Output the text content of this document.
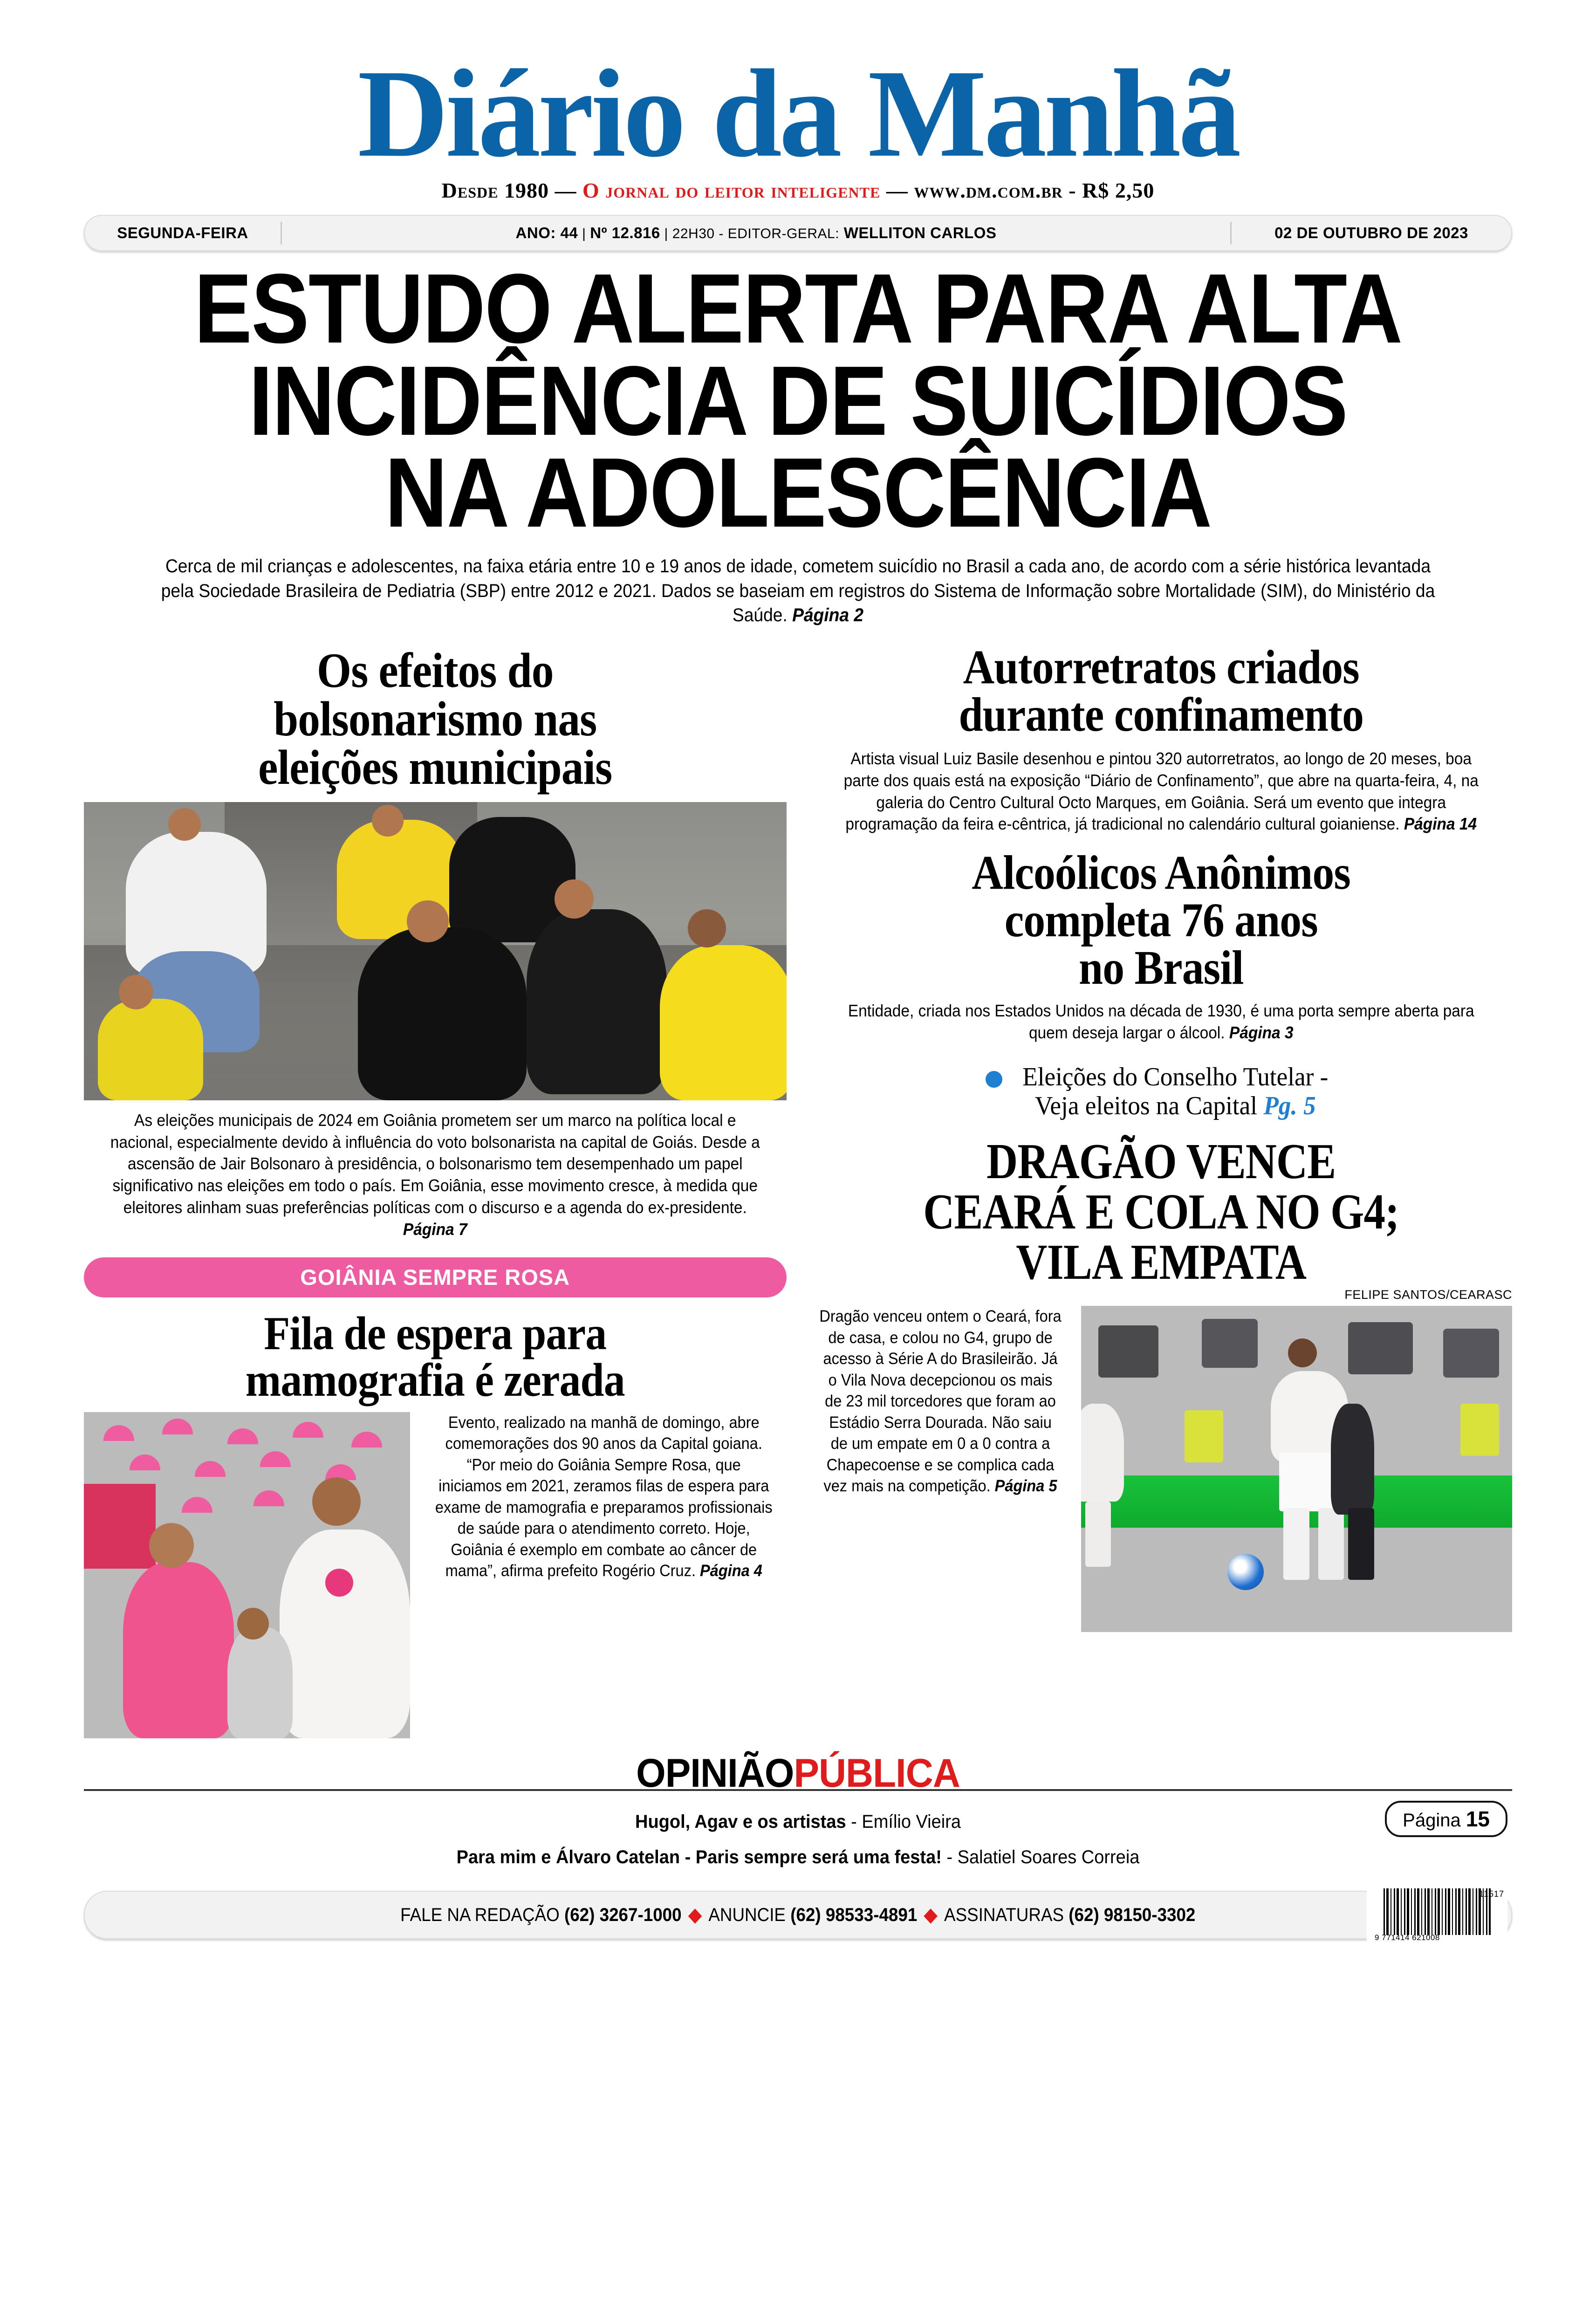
Diário da Manhã
Desde 1980 — O jornal do leitor inteligente — www.dm.com.br - R$ 2,50
SEGUNDA-FEIRA	ANO: 44 | Nº 12.816 | 22H30 - EDITOR-GERAL: WELLITON CARLOS	02 DE OUTUBRO DE 2023
ESTUDO ALERTA PARA ALTA
INCIDÊNCIA DE SUICÍDIOS
NA ADOLESCÊNCIA
Cerca de mil crianças e adolescentes, na faixa etária entre 10 e 19 anos de idade, cometem suicídio no Brasil a cada ano, de acordo com a série histórica levantada pela Sociedade Brasileira de Pediatria (SBP) entre 2012 e 2021. Dados se baseiam em registros do Sistema de Informação sobre Mortalidade (SIM), do Ministério da Saúde. Página 2
Os efeitos do
bolsonarismo nas
eleições municipais
As eleições municipais de 2024 em Goiânia prometem ser um marco na política local e nacional, especialmente devido à influência do voto bolsonarista na capital de Goiás. Desde a ascensão de Jair Bolsonaro à presidência, o bolsonarismo tem desempenhado um papel significativo nas eleições em todo o país. Em Goiânia, esse movimento cresce, à medida que eleitores alinham suas preferências políticas com o discurso e a agenda do ex-presidente. Página 7
GOIÂNIA SEMPRE ROSA
Fila de espera para
mamografia é zerada
Evento, realizado na manhã de domingo, abre comemorações dos 90 anos da Capital goiana. “Por meio do Goiânia Sempre Rosa, que iniciamos em 2021, zeramos filas de espera para exame de mamografia e preparamos profissionais de saúde para o atendimento correto. Hoje, Goiânia é exemplo em combate ao câncer de mama”, afirma prefeito Rogério Cruz. Página 4
Autorretratos criados
durante confinamento
Artista visual Luiz Basile desenhou e pintou 320 autorretratos, ao longo de 20 meses, boa parte dos quais está na exposição “Diário de Confinamento”, que abre na quarta-feira, 4, na galeria do Centro Cultural Octo Marques, em Goiânia. Será um evento que integra programação da feira e-cêntrica, já tradicional no calendário cultural goianiense. Página 14
Alcoólicos Anônimos
completa 76 anos
no Brasil
Entidade, criada nos Estados Unidos na década de 1930, é uma porta sempre aberta para quem deseja largar o álcool. Página 3
Eleições do Conselho Tutelar -
Veja eleitos na Capital Pg. 5
DRAGÃO VENCE
CEARÁ E COLA NO G4;
VILA EMPATA
FELIPE SANTOS/CEARASC
Dragão venceu ontem o Ceará, fora de casa, e colou no G4, grupo de acesso à Série A do Brasileirão. Já o Vila Nova decepcionou os mais de 23 mil torcedores que foram ao Estádio Serra Dourada. Não saiu de um empate em 0 a 0 contra a Chapecoense e se complica cada vez mais na competição. Página 5
OPINIÃOPÚBLICA
Hugol, Agav e os artistas - Emílio Vieira
Para mim e Álvaro Catelan - Paris sempre será uma festa! - Salatiel Soares Correia
Página 15
FALE NA REDAÇÃO (62) 3267-1000 ◆ ANUNCIE (62) 98533-4891 ◆ ASSINATURAS (62) 98150-3302
11517
9 771414 621008
